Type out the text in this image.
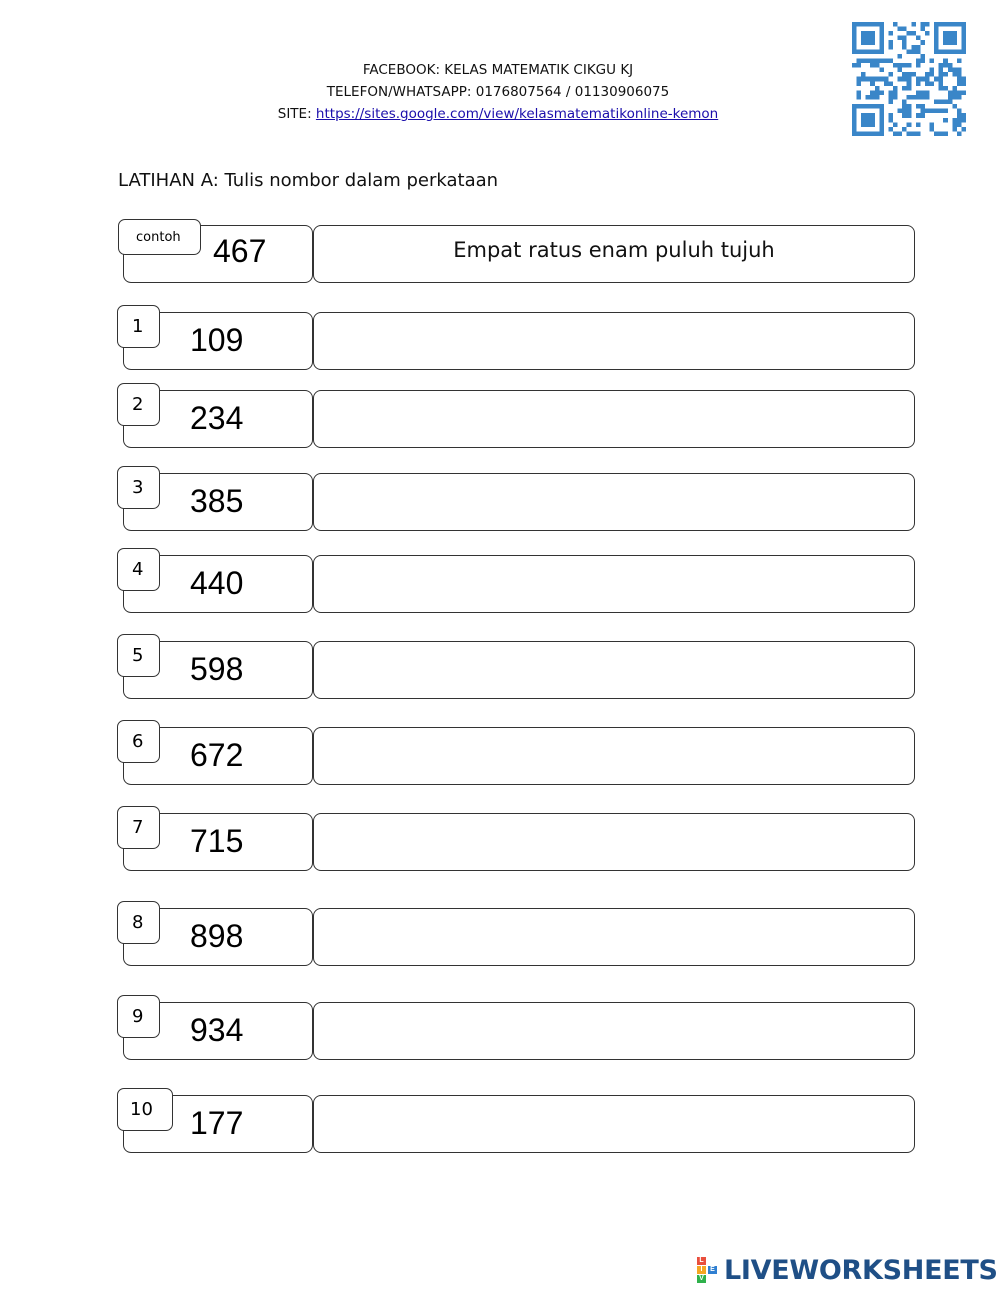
FACEBOOK: KELAS MATEMATIK CIKGU KJ
TELEFON/WHATSAPP: 0176807564 / 01130906075
SITE: https://sites.google.com/view/kelasmatematikonline-kemon
LATIHAN A: Tulis nombor dalam perkataan
467
contoh
Empat ratus enam puluh tujuh
109
1
234
2
385
3
440
4
598
5
672
6
715
7
898
8
934
9
177
10
L
I
V
E LIVEWORKSHEETS
